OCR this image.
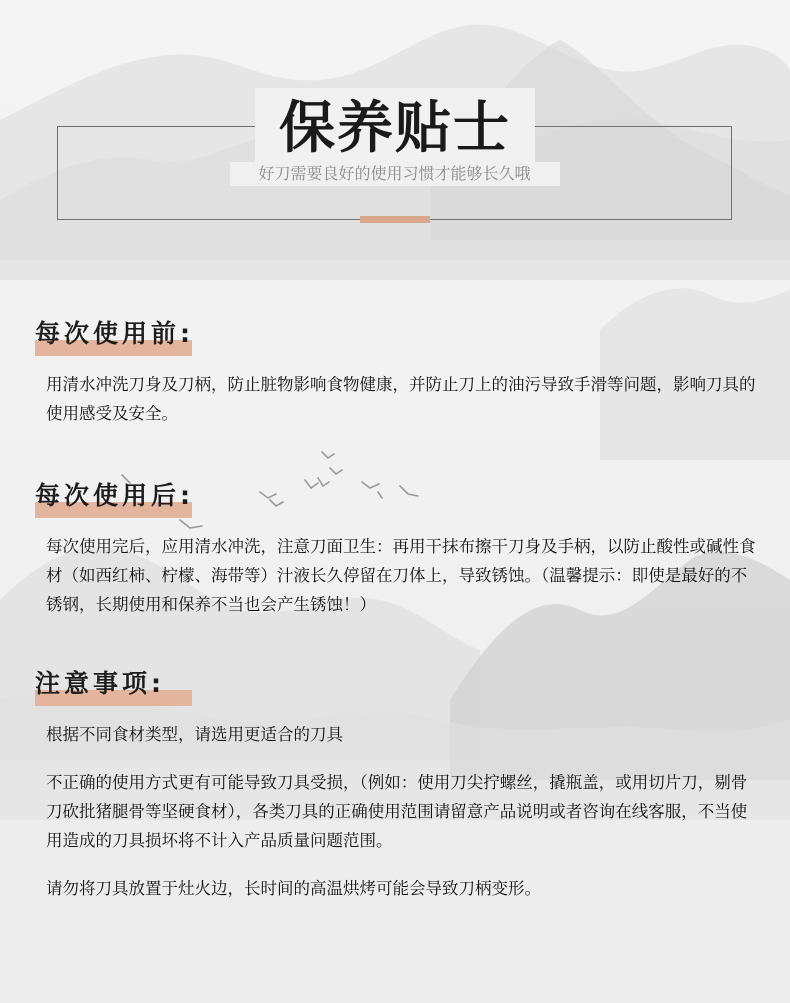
保养贴士
好刀需要良好的使用习惯才能够长久哦
每次使用前:
用清水冲洗刀身及刀柄，防止脏物影响食物健康，并防止刀上的油污导致手滑等问题，影响刀具的使用感受及安全。
每次使用后:
每次使用完后，应用清水冲洗，注意刀面卫生：再用干抹布擦干刀身及手柄，以防止酸性或碱性食材（如西红柿、柠檬、海带等）汁液长久停留在刀体上，导致锈蚀。（温馨提示：即使是最好的不锈钢，长期使用和保养不当也会产生锈蚀！）
注意事项:
根据不同食材类型，请选用更适合的刀具
不正确的使用方式更有可能导致刀具受损，（例如：使用刀尖拧螺丝，撬瓶盖，或用切片刀，剔骨刀砍批猪腿骨等坚硬食材），各类刀具的正确使用范围请留意产品说明或者咨询在线客服，不当使用造成的刀具损坏将不计入产品质量问题范围。
请勿将刀具放置于灶火边，长时间的高温烘烤可能会导致刀柄变形。
